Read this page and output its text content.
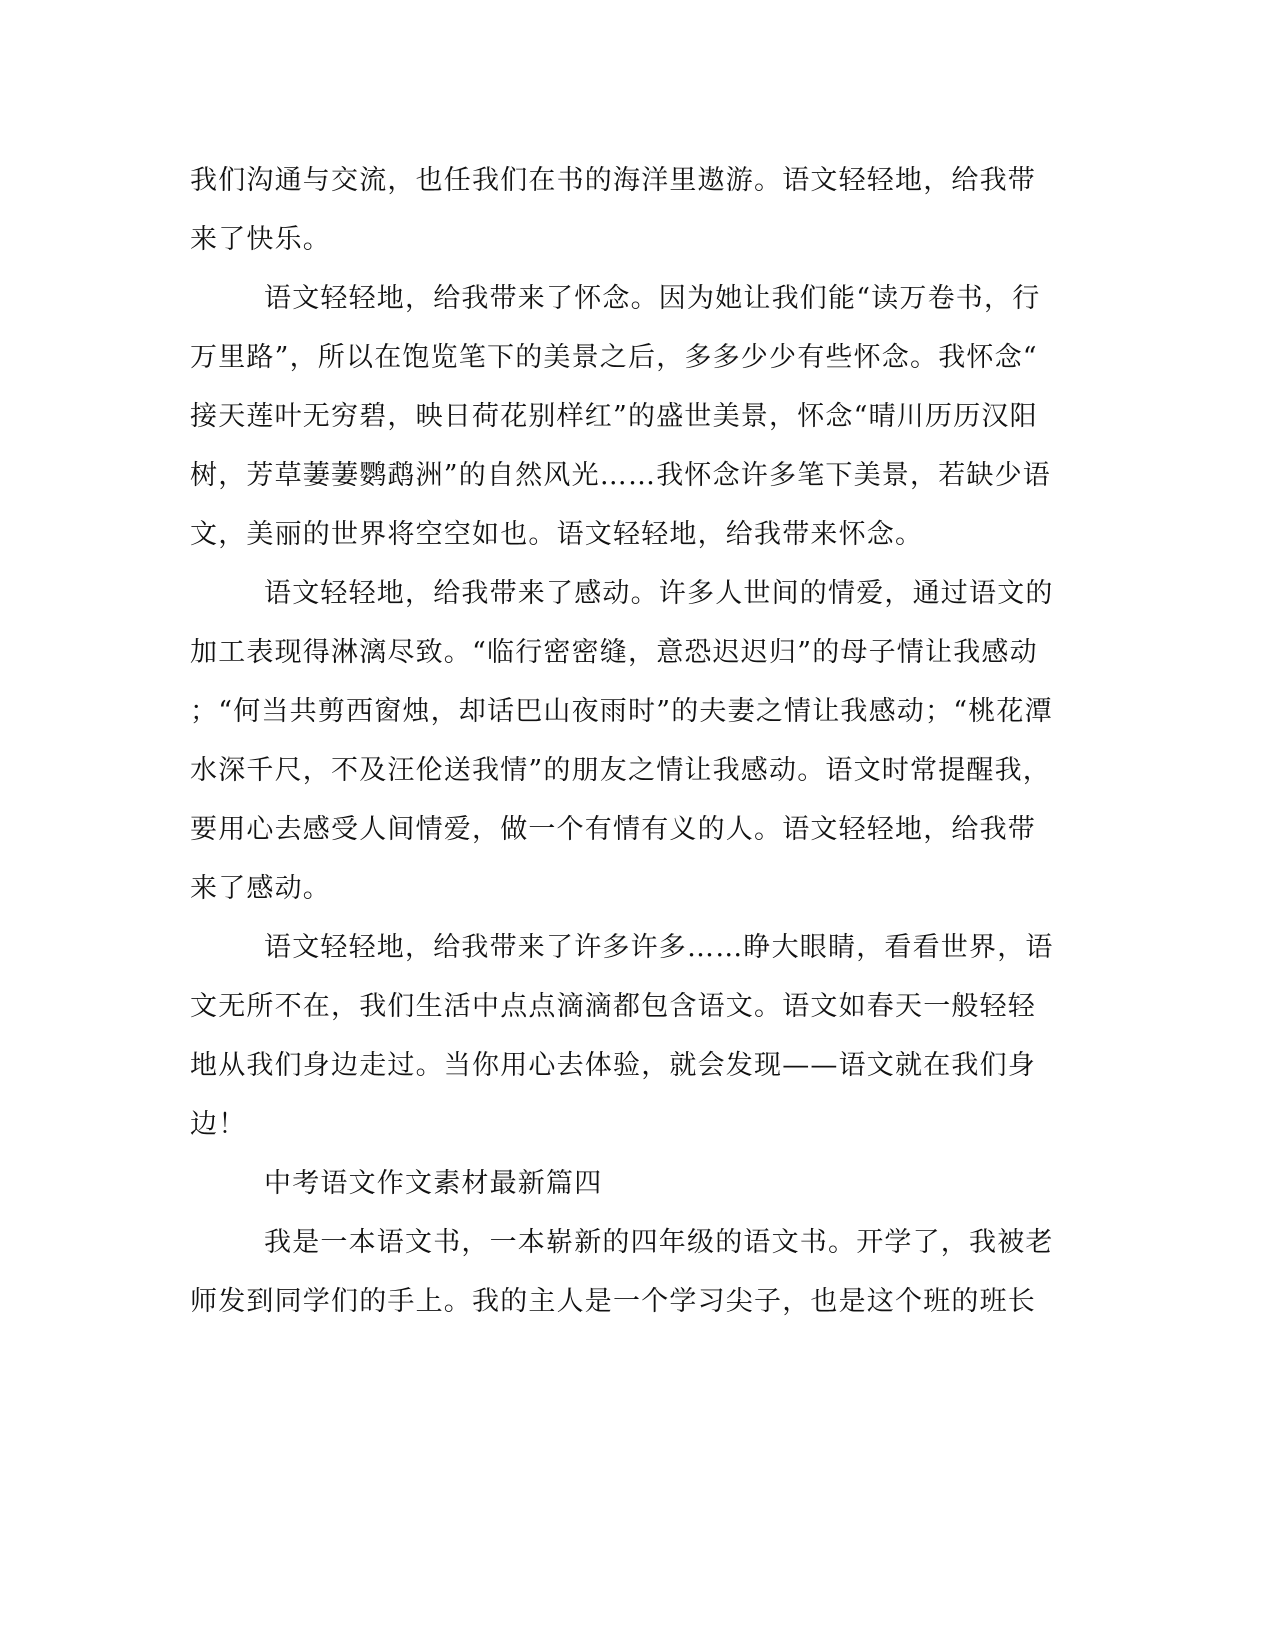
我们沟通与交流，也任我们在书的海洋里遨游。语文轻轻地，给我带
来了快乐。
语文轻轻地，给我带来了怀念。因为她让我们能“读万卷书，行
万里路”，所以在饱览笔下的美景之后，多多少少有些怀念。我怀念“
接天莲叶无穷碧，映日荷花别样红”的盛世美景，怀念“晴川历历汉阳
树，芳草萋萋鹦鹉洲”的自然风光……我怀念许多笔下美景，若缺少语
文，美丽的世界将空空如也。语文轻轻地，给我带来怀念。
语文轻轻地，给我带来了感动。许多人世间的情爱，通过语文的
加工表现得淋漓尽致。“临行密密缝，意恐迟迟归”的母子情让我感动
；“何当共剪西窗烛，却话巴山夜雨时”的夫妻之情让我感动；“桃花潭
水深千尺，不及汪伦送我情”的朋友之情让我感动。语文时常提醒我，
要用心去感受人间情爱，做一个有情有义的人。语文轻轻地，给我带
来了感动。
语文轻轻地，给我带来了许多许多……睁大眼睛，看看世界，语
文无所不在，我们生活中点点滴滴都包含语文。语文如春天一般轻轻
地从我们身边走过。当你用心去体验，就会发现——语文就在我们身
边！
中考语文作文素材最新篇四
我是一本语文书，一本崭新的四年级的语文书。开学了，我被老
师发到同学们的手上。我的主人是一个学习尖子，也是这个班的班长
